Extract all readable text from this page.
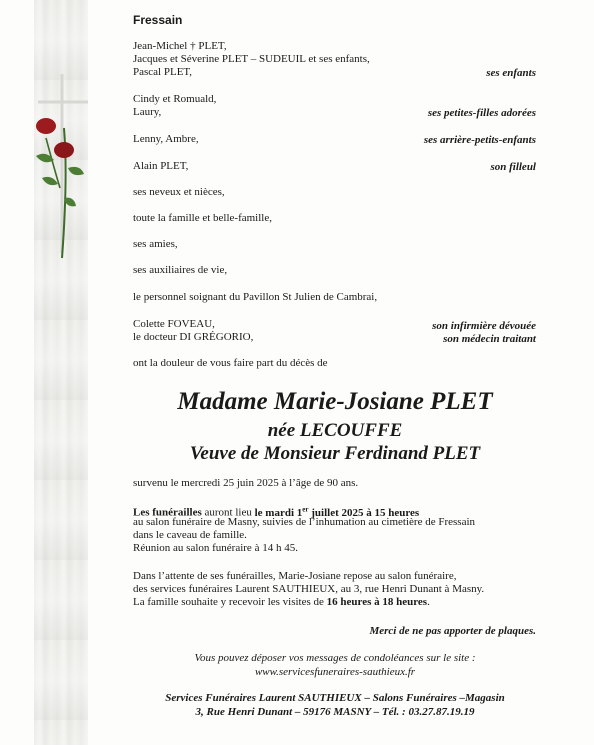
Fressain
Jean-Michel † PLET,
Jacques et Séverine PLET – SUDEUIL et ses enfants,
Pascal PLET,	ses enfants
Cindy et Romuald,
Laury,	ses petites-filles adorées
Lenny, Ambre,	ses arrière-petits-enfants
Alain PLET,	son filleul
ses neveux et nièces,
toute la famille et belle-famille,
ses amies,
ses auxiliaires de vie,
le personnel soignant du Pavillon St Julien de Cambrai,
Colette FOVEAU,	son infirmière dévouée
le docteur DI GRÉGORIO,	son médecin traitant
ont la douleur de vous faire part du décès de
Madame Marie-Josiane PLET
née LECOUFFE
Veuve de Monsieur Ferdinand PLET
survenu le mercredi 25 juin 2025 à l’âge de 90 ans.
Les funérailles auront lieu le mardi 1er juillet 2025 à 15 heures
au salon funéraire de Masny, suivies de l’inhumation au cimetière de Fressain
dans le caveau de famille.
Réunion au salon funéraire à 14 h 45.
Dans l’attente de ses funérailles, Marie-Josiane repose au salon funéraire,
des services funéraires Laurent SAUTHIEUX, au 3, rue Henri Dunant à Masny.
La famille souhaite y recevoir les visites de 16 heures à 18 heures.
Merci de ne pas apporter de plaques.
Vous pouvez déposer vos messages de condoléances sur le site :
www.servicesfuneraires-sauthieux.fr
Services Funéraires Laurent SAUTHIEUX – Salons Funéraires –Magasin
3, Rue Henri Dunant – 59176 MASNY – Tél. : 03.27.87.19.19
